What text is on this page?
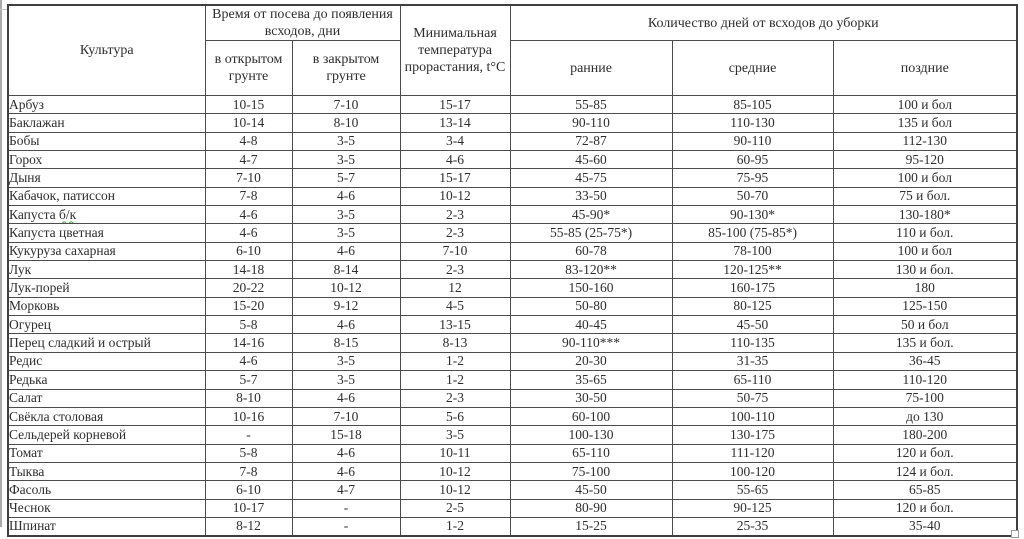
Культура	Время от посева до появления всходов, дни		Минимальная температура прорастания, t°С	Количество дней от всходов до уборки		
	в открытом грунте	в закрытом грунте		ранние	средние	поздние
Арбуз	10-15	7-10	15-17	55-85	85-105	100 и бол
Баклажан	10-14	8-10	13-14	90-110	110-130	135 и бол
Бобы	4-8	3-5	3-4	72-87	90-110	112-130
Горох	4-7	3-5	4-6	45-60	60-95	95-120
Дыня	7-10	5-7	15-17	45-75	75-95	100 и бол
Кабачок, патиссон	7-8	4-6	10-12	33-50	50-70	75 и бол.
Капуста б/к	4-6	3-5	2-3	45-90*	90-130*	130-180*
Капуста цветная	4-6	3-5	2-3	55-85 (25-75*)	85-100 (75-85*)	110 и бол.
Кукуруза сахарная	6-10	4-6	7-10	60-78	78-100	100 и бол
Лук	14-18	8-14	2-3	83-120**	120-125**	130 и бол.
Лук-порей	20-22	10-12	12	150-160	160-175	180
Морковь	15-20	9-12	4-5	50-80	80-125	125-150
Огурец	5-8	4-6	13-15	40-45	45-50	50 и бол
Перец сладкий и острый	14-16	8-15	8-13	90-110***	110-135	135 и бол.
Редис	4-6	3-5	1-2	20-30	31-35	36-45
Редька	5-7	3-5	1-2	35-65	65-110	110-120
Салат	8-10	4-6	2-3	30-50	50-75	75-100
Свёкла столовая	10-16	7-10	5-6	60-100	100-110	до 130
Сельдерей корневой	-	15-18	3-5	100-130	130-175	180-200
Томат	5-8	4-6	10-11	65-110	111-120	120 и бол.
Тыква	7-8	4-6	10-12	75-100	100-120	124 и бол.
Фасоль	6-10	4-7	10-12	45-50	55-65	65-85
Чеснок	10-17	-	2-5	80-90	90-125	120 и бол.
Шпинат	8-12	-	1-2	15-25	25-35	35-40
